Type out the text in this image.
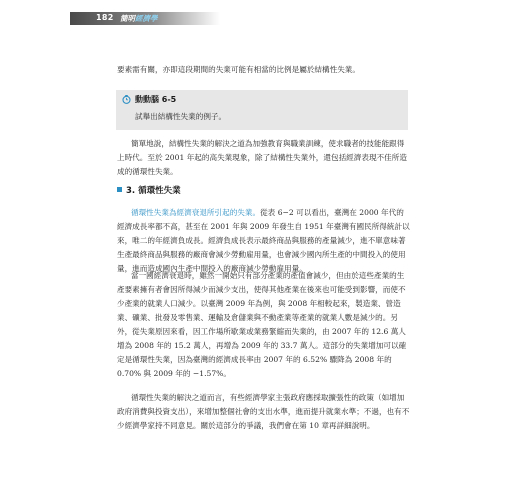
182 簡明經濟學
要素需有關，亦即這段期間的失業可能有相當的比例是屬於結構性失業。
動動腦 6-5
試舉出結構性失業的例子。
簡單地說，結構性失業的解決之道為加強教育與職業訓練，使求職者的技能能跟得上時代。至於 2001 年起的高失業現象，除了結構性失業外，還包括經濟表現不佳所造成的循環性失業。
3. 循環性失業
循環性失業為經濟衰退所引起的失業。從表 6−2 可以看出，臺灣在 2000 年代的經濟成長率都不高，甚至在 2001 年與 2009 年發生自 1951 年臺灣有國民所得統計以來，唯二的年經濟負成長。經濟負成長表示最終商品與服務的產量減少，進不單意味著生產最終商品與服務的廠商會減少勞動雇用量，也會減少國內所生產的中間投入的使用量，進而造成國內生產中間投入的廠商減少勞動雇用量。
當一國經濟衰退時，雖然一開始只有部分產業的產值會減少，但由於這些產業的生產要素擁有者會因所得減少而減少支出，使得其他產業在後來也可能受到影響，而使不少產業的就業人口減少。以臺灣 2009 年為例，與 2008 年相較起來，製造業、營造業、礦業、批發及零售業、運輸及倉儲業與不動產業等產業的就業人數是減少的。另外，從失業原因來看，因工作場所歇業或業務緊縮而失業的，由 2007 年的 12.6 萬人增為 2008 年的 15.2 萬人，再增為 2009 年的 33.7 萬人。這部分的失業增加可以確定是循環性失業，因為臺灣的經濟成長率由 2007 年的 6.52% 驟降為 2008 年的 0.70% 與 2009 年的 −1.57%。
循環性失業的解決之道而言，有些經濟學家主張政府應採取擴張性的政策（如增加政府消費與投資支出），來增加整個社會的支出水準，進而提升就業水準；不過，也有不少經濟學家持不同意見。關於這部分的爭議，我們會在第 10 章再詳細說明。
